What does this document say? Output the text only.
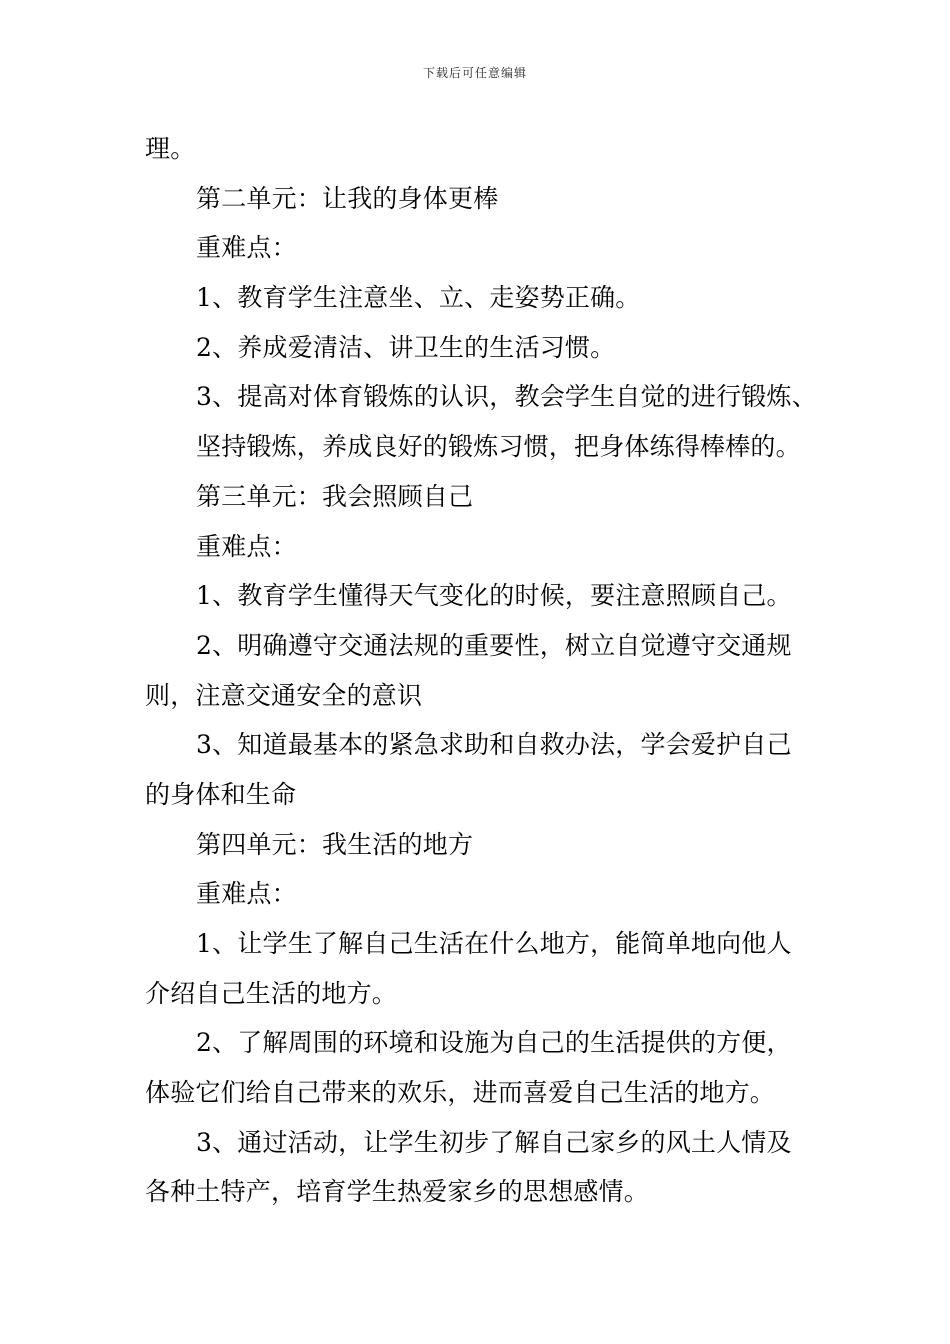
下载后可任意编辑
理。
第二单元：让我的身体更棒
重难点：
1、教育学生注意坐、立、走姿势正确。
2、养成爱清洁、讲卫生的生活习惯。
3、提高对体育锻炼的认识，教会学生自觉的进行锻炼、
坚持锻炼，养成良好的锻炼习惯，把身体练得棒棒的。
第三单元：我会照顾自己
重难点：
1、教育学生懂得天气变化的时候，要注意照顾自己。
2、明确遵守交通法规的重要性，树立自觉遵守交通规
则，注意交通安全的意识
3、知道最基本的紧急求助和自救办法，学会爱护自己
的身体和生命
第四单元：我生活的地方
重难点：
1、让学生了解自己生活在什么地方，能简单地向他人
介绍自己生活的地方。
2、了解周围的环境和设施为自己的生活提供的方便，
体验它们给自己带来的欢乐，进而喜爱自己生活的地方。
3、通过活动，让学生初步了解自己家乡的风土人情及
各种土特产，培育学生热爱家乡的思想感情。
